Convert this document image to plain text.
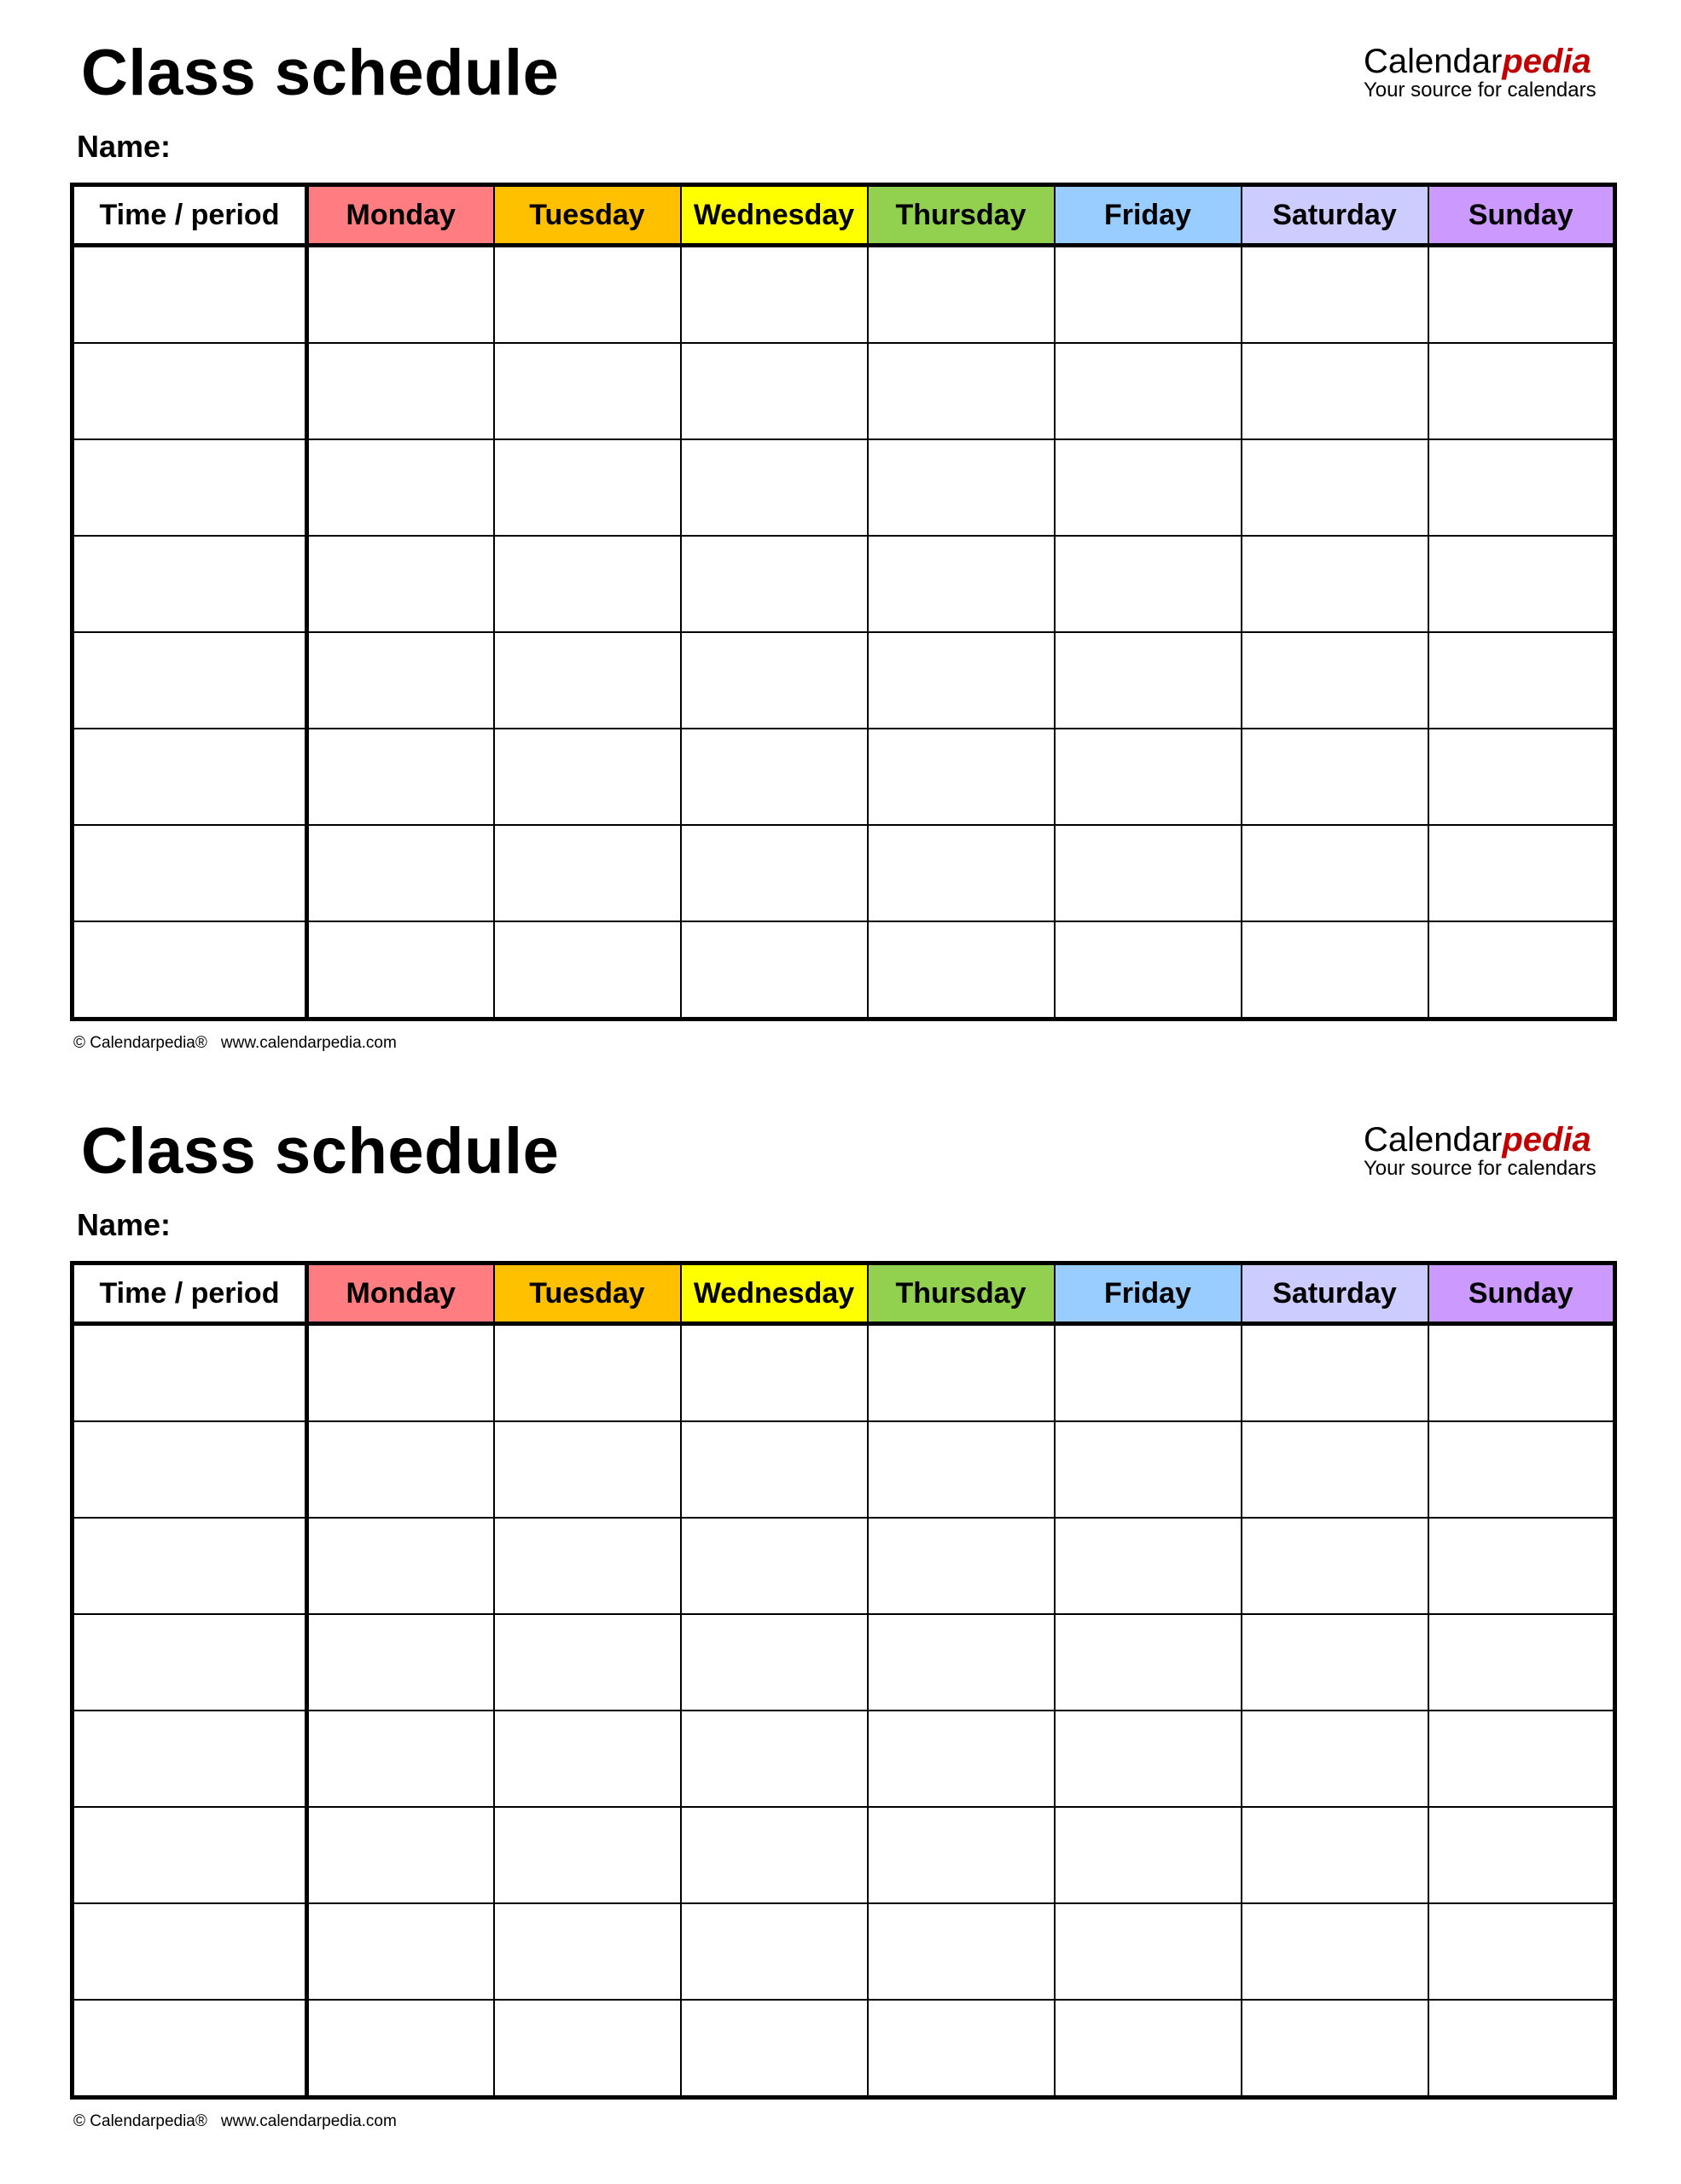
Class schedule
Name:
Calendarpedia
Your source for calendars
Time / period	Monday	Tuesday	Wednesday	Thursday	Friday	Saturday	Sunday

© Calendarpedia® www.calendarpedia.com
Class schedule
Name:
Calendarpedia
Your source for calendars
Time / period	Monday	Tuesday	Wednesday	Thursday	Friday	Saturday	Sunday

© Calendarpedia® www.calendarpedia.com
